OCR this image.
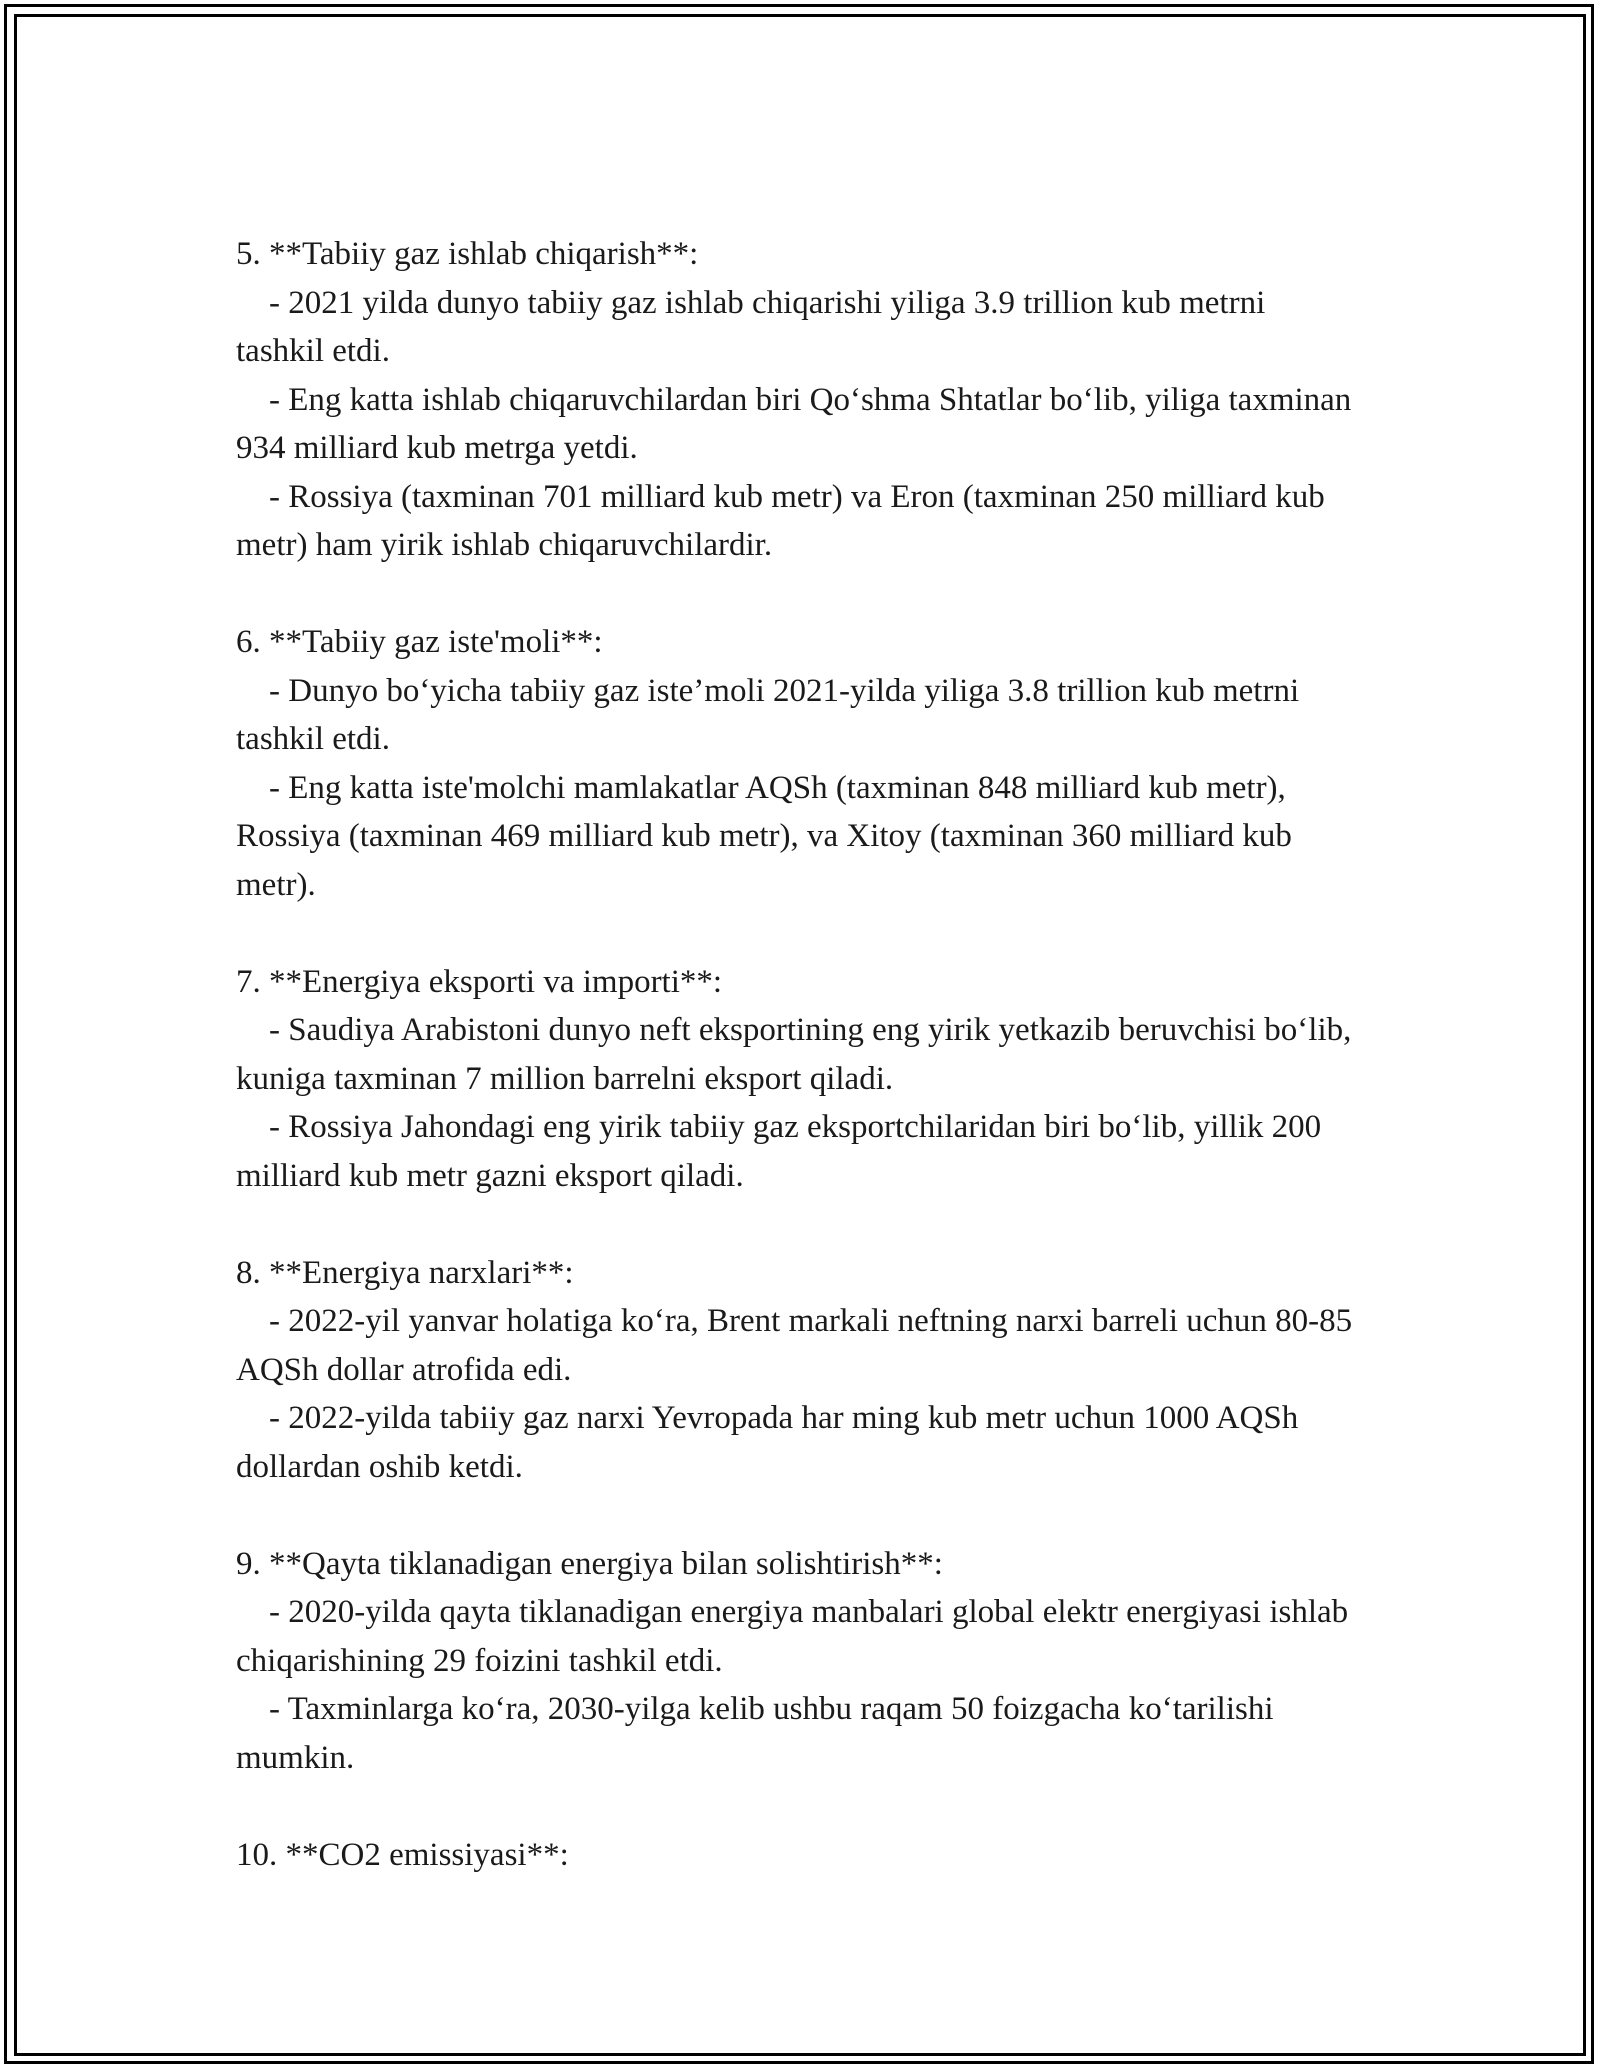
5. **Tabiiy gaz ishlab chiqarish**:
- 2021 yilda dunyo tabiiy gaz ishlab chiqarishi yiliga 3.9 trillion kub metrni tashkil etdi.
- Eng katta ishlab chiqaruvchilardan biri Qo‘shma Shtatlar bo‘lib, yiliga taxminan 934 milliard kub metrga yetdi.
- Rossiya (taxminan 701 milliard kub metr) va Eron (taxminan 250 milliard kub metr) ham yirik ishlab chiqaruvchilardir.
6. **Tabiiy gaz iste'moli**:
- Dunyo bo‘yicha tabiiy gaz iste’moli 2021-yilda yiliga 3.8 trillion kub metrni tashkil etdi.
- Eng katta iste'molchi mamlakatlar AQSh (taxminan 848 milliard kub metr), Rossiya (taxminan 469 milliard kub metr), va Xitoy (taxminan 360 milliard kub metr).
7. **Energiya eksporti va importi**:
- Saudiya Arabistoni dunyo neft eksportining eng yirik yetkazib beruvchisi bo‘lib, kuniga taxminan 7 million barrelni eksport qiladi.
- Rossiya Jahondagi eng yirik tabiiy gaz eksportchilaridan biri bo‘lib, yillik 200 milliard kub metr gazni eksport qiladi.
8. **Energiya narxlari**:
- 2022-yil yanvar holatiga ko‘ra, Brent markali neftning narxi barreli uchun 80-85 AQSh dollar atrofida edi.
- 2022-yilda tabiiy gaz narxi Yevropada har ming kub metr uchun 1000 AQSh dollardan oshib ketdi.
9. **Qayta tiklanadigan energiya bilan solishtirish**:
- 2020-yilda qayta tiklanadigan energiya manbalari global elektr energiyasi ishlab chiqarishining 29 foizini tashkil etdi.
- Taxminlarga ko‘ra, 2030-yilga kelib ushbu raqam 50 foizgacha ko‘tarilishi mumkin.
10. **CO2 emissiyasi**:
